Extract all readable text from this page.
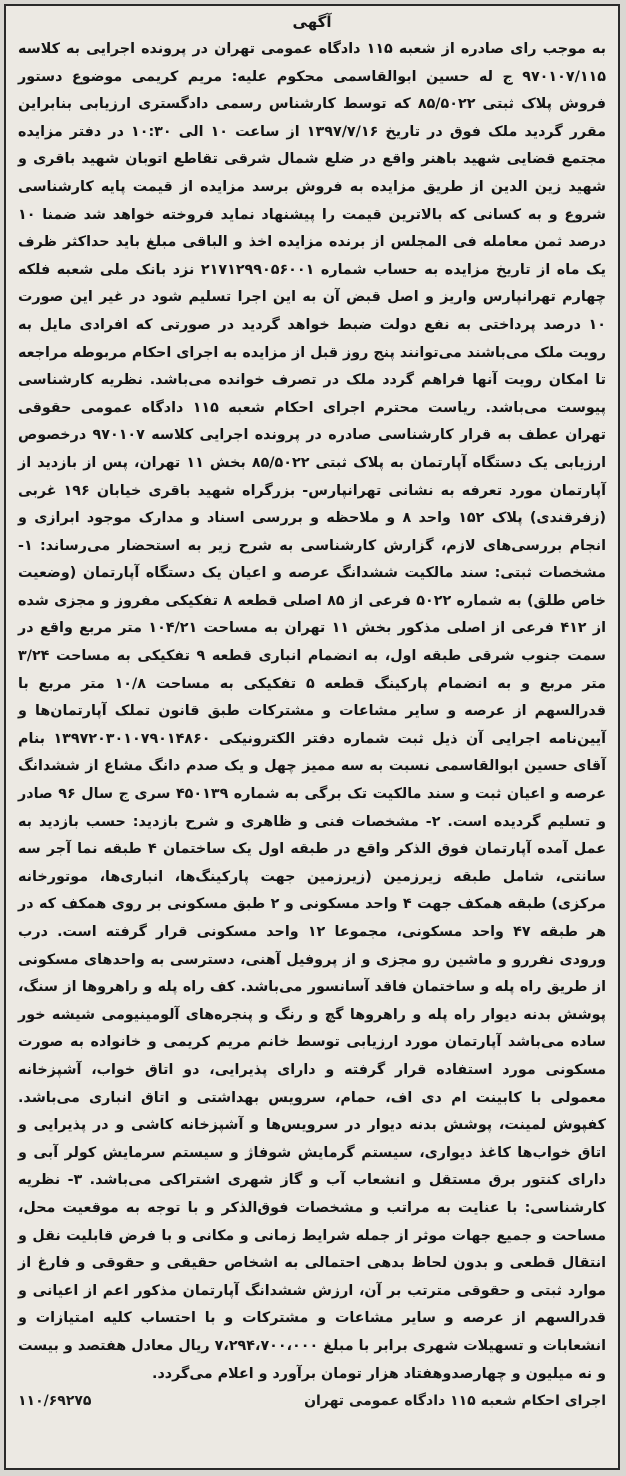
آگهی

به موجب رای صادره از شعبه ۱۱۵ دادگاه عمومی تهران در پرونده اجرایی به کلاسه ۹۷۰۱۰۷/۱۱۵ ج له حسین ابوالقاسمی محکوم علیه: مریم کریمی موضوع دستور فروش پلاک ثبتی ۸۵/۵۰۲۲ که توسط کارشناس رسمی دادگستری ارزیابی بنابراین مقرر گردید ملک فوق در تاریخ ۱۳۹۷/۷/۱۶ از ساعت ۱۰ الی ۱۰:۳۰ در دفتر مزایده مجتمع قضایی شهید باهنر واقع در ضلع شمال شرقی تقاطع اتوبان شهید باقری و شهید زین الدین از طریق مزایده به فروش برسد مزایده از قیمت پایه کارشناسی شروع و به کسانی که بالاترین قیمت را پیشنهاد نماید فروخته خواهد شد ضمنا ۱۰ درصد ثمن معامله فی المجلس از برنده مزایده اخذ و الباقی مبلغ باید حداکثر ظرف یک ماه از تاریخ مزایده به حساب شماره ۲۱۷۱۲۹۹۰۵۶۰۰۱ نزد بانک ملی شعبه فلکه چهارم تهرانپارس واریز و اصل قبض آن به این اجرا تسلیم شود در غیر این صورت ۱۰ درصد پرداختی به نفع دولت ضبط خواهد گردید در صورتی که افرادی مایل به رویت ملک می‌باشند می‌توانند پنج روز قبل از مزایده به اجرای احکام مربوطه مراجعه تا امکان رویت آنها فراهم گردد ملک در تصرف خوانده می‌باشد. نظریه کارشناسی پیوست می‌باشد. ریاست محترم اجرای احکام شعبه ۱۱۵ دادگاه عمومی حقوقی تهران عطف به قرار کارشناسی صادره در پرونده اجرایی کلاسه ۹۷۰۱۰۷ درخصوص ارزیابی یک دستگاه آپارتمان به پلاک ثبتی ۸۵/۵۰۲۲ بخش ۱۱ تهران، پس از بازدید از آپارتمان مورد تعرفه به نشانی تهرانپارس- بزرگراه شهید باقری خیابان ۱۹۶ غربی (زفرقندی) پلاک ۱۵۲ واحد ۸ و ملاحظه و بررسی اسناد و مدارک موجود ابرازی و انجام بررسی‌های لازم، گزارش کارشناسی به شرح زیر به استحضار می‌رساند: ۱- مشخصات ثبتی: سند مالکیت ششدانگ عرصه و اعیان یک دستگاه آپارتمان (وضعیت خاص طلق) به شماره ۵۰۲۲ فرعی از ۸۵ اصلی قطعه ۸ تفکیکی مفروز و مجزی شده از ۴۱۲ فرعی از اصلی مذکور بخش ۱۱ تهران به مساحت ۱۰۴/۲۱ متر مربع واقع در سمت جنوب شرقی طبقه اول، به انضمام انباری قطعه ۹ تفکیکی به مساحت ۳/۲۴ متر مربع و به انضمام پارکینگ قطعه ۵ تفکیکی به مساحت ۱۰/۸ متر مربع با قدرالسهم از عرصه و سایر مشاعات و مشترکات طبق قانون تملک آپارتمان‌ها و آیین‌نامه اجرایی آن ذیل ثبت شماره دفتر الکترونیکی ۱۳۹۷۲۰۳۰۱۰۷۹۰۱۴۸۶۰ بنام آقای حسین ابوالقاسمی نسبت به سه ممیز چهل و یک صدم دانگ مشاع از ششدانگ عرصه و اعیان ثبت و سند مالکیت تک برگی به شماره ۴۵۰۱۳۹ سری ج سال ۹۶ صادر و تسلیم گردیده است. ۲- مشخصات فنی و ظاهری و شرح بازدید: حسب بازدید به عمل آمده آپارتمان فوق الذکر واقع در طبقه اول یک ساختمان ۴ طبقه نما آجر سه سانتی، شامل طبقه زیرزمین (زیرزمین جهت پارکینگ‌ها، انباری‌ها، موتورخانه مرکزی) طبقه همکف جهت ۴ واحد مسکونی و ۲ طبق مسکونی بر روی همکف که در هر طبقه ۴۷ واحد مسکونی، مجموعا ۱۲ واحد مسکونی قرار گرفته است. درب ورودی نفررو و ماشین رو مجزی و از پروفیل آهنی، دسترسی به واحدهای مسکونی از طریق راه پله و ساختمان فاقد آسانسور می‌باشد. کف راه پله و راهروها از سنگ، پوشش بدنه دیوار راه پله و راهروها گچ و رنگ و پنجره‌های آلومینیومی شیشه خور ساده می‌باشد آپارتمان مورد ارزیابی توسط خانم مریم کریمی و خانواده به صورت مسکونی مورد استفاده قرار گرفته و دارای پذیرایی، دو اتاق خواب، آشپزخانه معمولی با کابینت ام دی اف، حمام، سرویس بهداشتی و اتاق انباری می‌باشد. کفپوش لمینت، پوشش بدنه دیوار در سرویس‌ها و آشپزخانه کاشی و در پذیرایی و اتاق خواب‌ها کاغذ دیواری، سیستم گرمایش شوفاژ و سیستم سرمایش کولر آبی و دارای کنتور برق مستقل و انشعاب آب و گاز شهری اشتراکی می‌باشد. ۳- نظریه کارشناسی: با عنایت به مراتب و مشخصات فوق‌الذکر و با توجه به موقعیت محل، مساحت و جمیع جهات موثر از جمله شرایط زمانی و مکانی و با فرض قابلیت نقل و انتقال قطعی و بدون لحاظ بدهی احتمالی به اشخاص حقیقی و حقوقی و فارغ از موارد ثبتی و حقوقی مترتب بر آن، ارزش ششدانگ آپارتمان مذکور اعم از اعیانی و قدرالسهم از عرصه و سایر مشاعات و مشترکات و با احتساب کلیه امتیازات و انشعابات و تسهیلات شهری برابر با مبلغ ۷،۲۹۴،۷۰۰،۰۰۰ ریال معادل هفتصد و بیست و نه میلیون و چهارصدوهفتاد هزار تومان برآورد و اعلام می‌گردد.

اجرای احکام شعبه ۱۱۵ دادگاه عمومی تهران
۱۱۰/۶۹۲۷۵
